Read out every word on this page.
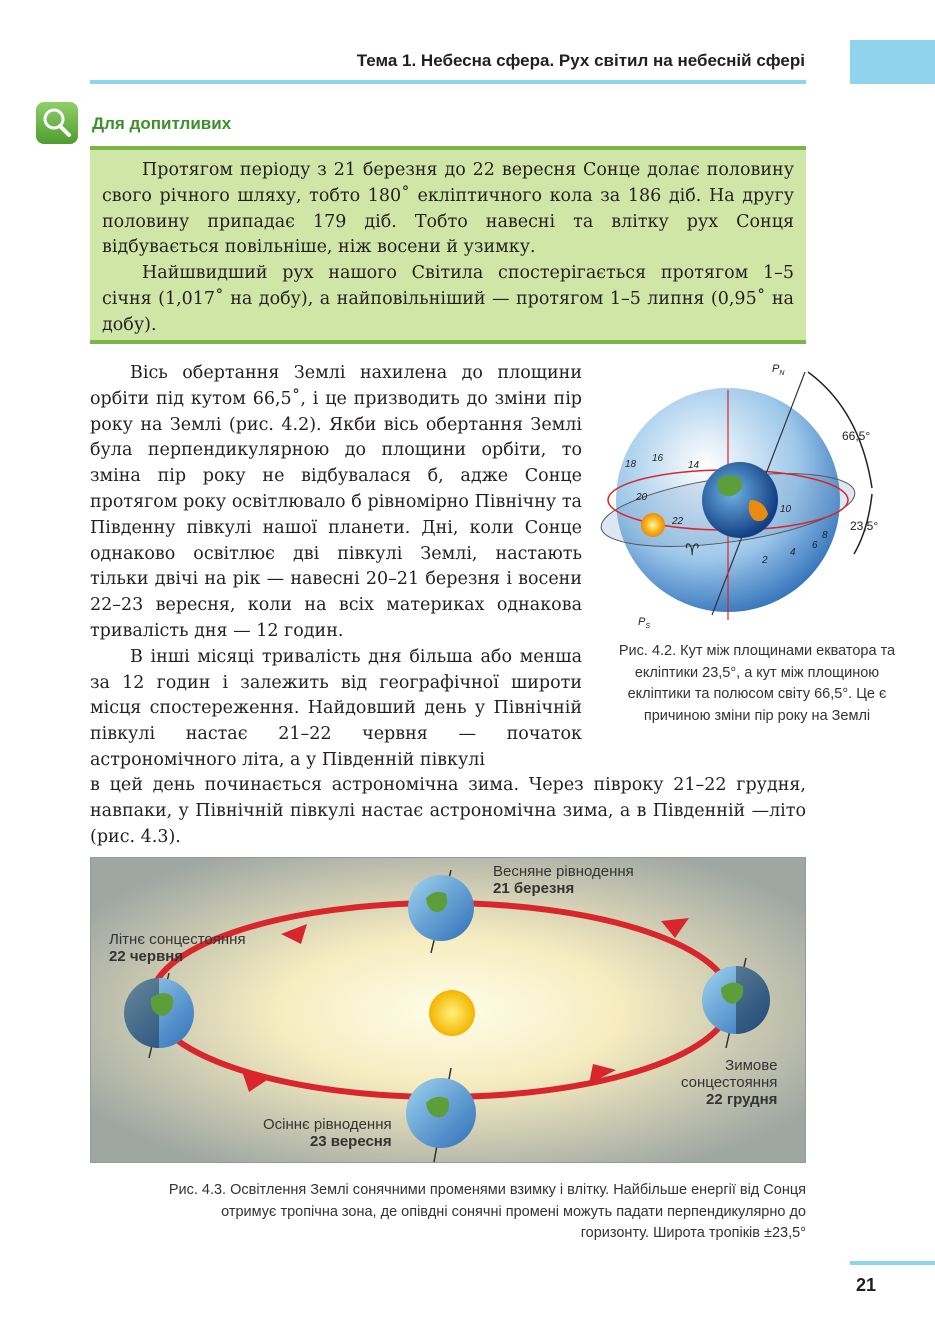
Тема 1. Небесна сфера. Рух світил на небесній сфері
Для допитливих

Протягом періоду з 21 березня до 22 вересня Сонце долає половину свого річного шляху, тобто 180˚ екліптичного кола за 186 діб. На другу половину припадає 179 діб. Тобто навесні та влітку рух Сонця відбувається повільніше, ніж восени й узимку.

Найшвидший рух нашого Світила спостерігається протягом 1–5 січня (1,017˚ на добу), а найповільніший — протягом 1–5 липня (0,95˚ на добу).

Вісь обертання Землі нахилена до площини орбіти під кутом 66,5˚, і це призводить до зміни пір року на Землі (рис. 4.2). Якби вісь обертання Землі була перпендикулярною до площини орбіти, то зміна пір року не відбувалася б, адже Сонце протягом року освітлювало б рівномірно Північну та Південну півкулі нашої планети. Дні, коли Сонце однаково освітлює дві півкулі Землі, настають тільки двічі на рік — навесні 20–21 березня і восени 22–23 вересня, коли на всіх материках однакова тривалість дня — 12 годин.

В інші місяці тривалість дня більша або менша за 12 годин і залежить від географічної широти місця спостереження. Найдовший день у Північній півкулі настає 21–22 червня — початок астрономічного літа, а у Південній півкулі

в цей день починається астрономічна зима. Через півроку 21–22 грудня, навпаки, у Північній півкулі настає астрономічна зима, а в Південній —літо (рис. 4.3).

$P_N$
$P_S$
66,5°
23,5°
♈
18
16
14
20
22
10
8
6
4
2
Рис. 4.2. Кут між площинами екватора та екліптики 23,5°, а кут між площиною екліптики та полюсом світу 66,5°. Це є причиною зміни пір року на Землі
Весняне рівнодення
21 березня
Літнє сонцестояння
22 червня
Зимове
сонцестояння
22 грудня
Осіннє рівнодення
23 вересня
Рис. 4.3. Освітлення Землі сонячними променями взимку і влітку. Найбільше енергії від Сонця отримує тропічна зона, де опівдні сонячні промені можуть падати перпендикулярно до горизонту. Широта тропіків ±23,5°
21
